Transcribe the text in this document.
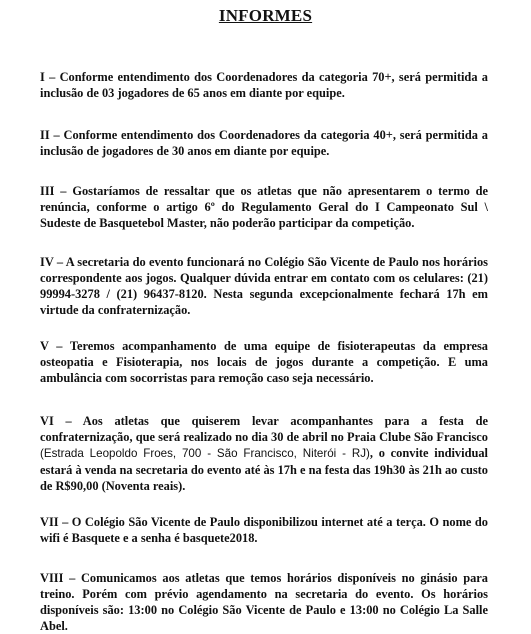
INFORMES

I – Conforme entendimento dos Coordenadores da categoria 70+, será permitida a inclusão de 03 jogadores de 65 anos em diante por equipe.

II – Conforme entendimento dos Coordenadores da categoria 40+, será permitida a inclusão de jogadores de 30 anos em diante por equipe.

III – Gostaríamos de ressaltar que os atletas que não apresentarem o termo de renúncia, conforme o artigo 6º do Regulamento Geral do I Campeonato Sul \ Sudeste de Basquetebol Master, não poderão participar da competição.

IV – A secretaria do evento funcionará no Colégio São Vicente de Paulo nos horários correspondente aos jogos. Qualquer dúvida entrar em contato com os celulares: (21) 99994-3278 / (21) 96437-8120. Nesta segunda excepcionalmente fechará 17h em virtude da confraternização.

V – Teremos acompanhamento de uma equipe de fisioterapeutas da empresa osteopatia e Fisioterapia, nos locais de jogos durante a competição. E uma ambulância com socorristas para remoção caso seja necessário.

VI – Aos atletas que quiserem levar acompanhantes para a festa de confraternização, que será realizado no dia 30 de abril no Praia Clube São Francisco (Estrada Leopoldo Froes, 700 - São Francisco, Niterói - RJ), o convite individual estará à venda na secretaria do evento até às 17h e na festa das 19h30 às 21h ao custo de R$90,00 (Noventa reais).

VII – O Colégio São Vicente de Paulo disponibilizou internet até a terça. O nome do wifi é Basquete e a senha é basquete2018.

VIII – Comunicamos aos atletas que temos horários disponíveis no ginásio para treino. Porém com prévio agendamento na secretaria do evento. Os horários disponíveis são: 13:00 no Colégio São Vicente de Paulo e 13:00 no Colégio La Salle Abel.
